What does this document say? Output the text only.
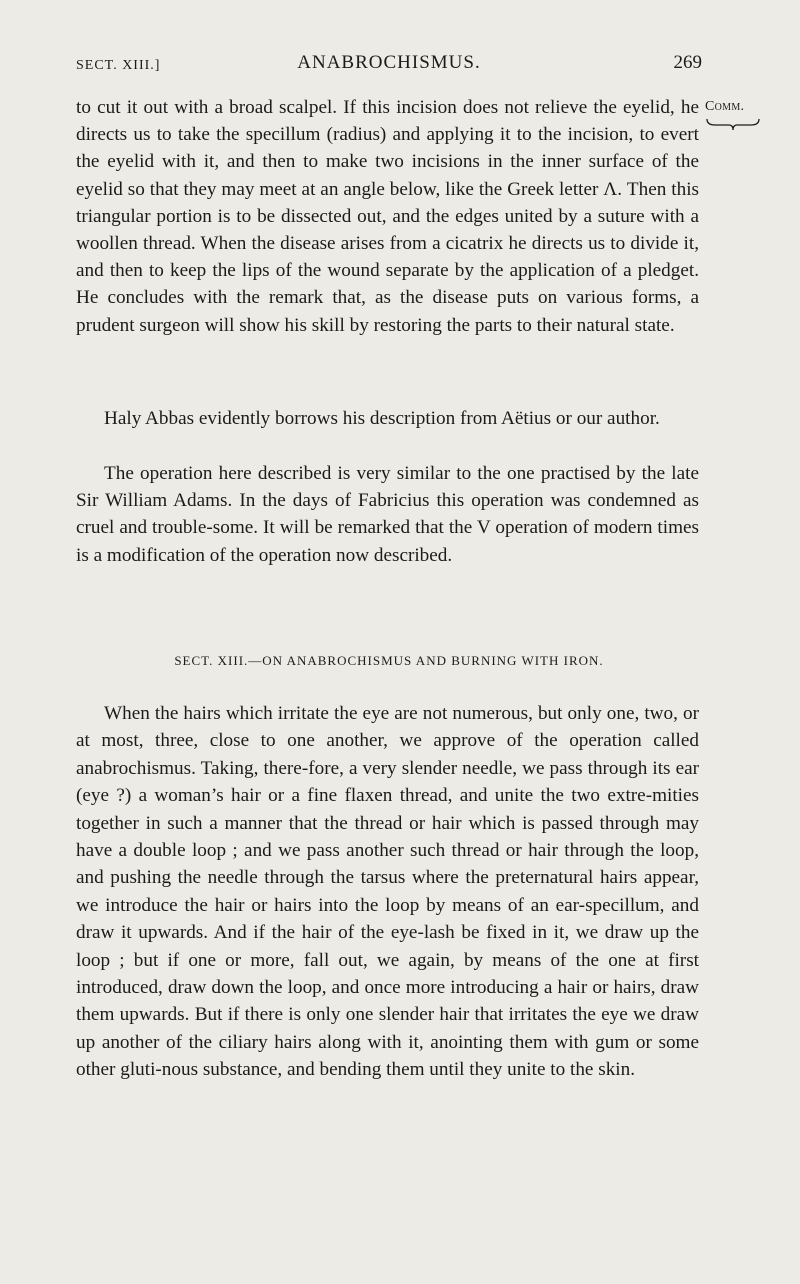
SECT. XIII.]	ANABROCHISMUS.	269
Comm.

to cut it out with a broad scalpel. If this incision does not relieve the eyelid, he directs us to take the specillum (radius) and applying it to the incision, to evert the eyelid with it, and then to make two incisions in the inner surface of the eyelid so that they may meet at an angle below, like the Greek letter Λ. Then this triangular portion is to be dissected out, and the edges united by a suture with a woollen thread. When the disease arises from a cicatrix he directs us to divide it, and then to keep the lips of the wound separate by the application of a pledget. He concludes with the remark that, as the disease puts on various forms, a prudent surgeon will show his skill by restoring the parts to their natural state.

Haly Abbas evidently borrows his description from Aëtius or our author.

The operation here described is very similar to the one practised by the late Sir William Adams. In the days of Fabricius this operation was condemned as cruel and trouble-some. It will be remarked that the V operation of modern times is a modification of the operation now described.

SECT. XIII.—ON ANABROCHISMUS AND BURNING WITH IRON.

When the hairs which irritate the eye are not numerous, but only one, two, or at most, three, close to one another, we approve of the operation called anabrochismus. Taking, there-fore, a very slender needle, we pass through its ear (eye ?) a woman’s hair or a fine flaxen thread, and unite the two extre-mities together in such a manner that the thread or hair which is passed through may have a double loop ; and we pass another such thread or hair through the loop, and pushing the needle through the tarsus where the preternatural hairs appear, we introduce the hair or hairs into the loop by means of an ear-specillum, and draw it upwards. And if the hair of the eye-lash be fixed in it, we draw up the loop ; but if one or more, fall out, we again, by means of the one at first introduced, draw down the loop, and once more introducing a hair or hairs, draw them upwards. But if there is only one slender hair that irritates the eye we draw up another of the ciliary hairs along with it, anointing them with gum or some other gluti-nous substance, and bending them until they unite to the skin.
